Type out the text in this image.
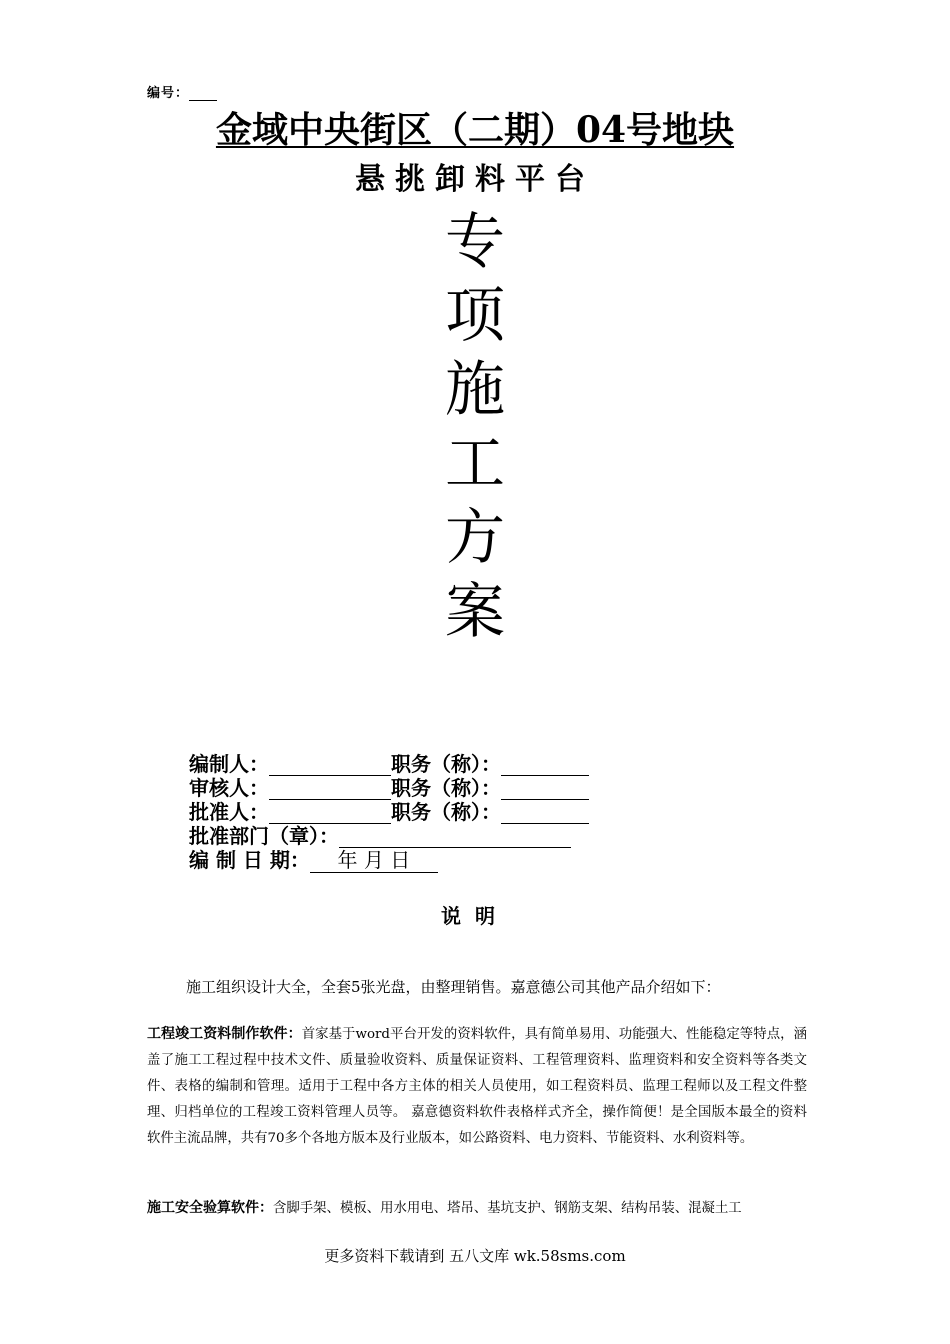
编号：
金域中央街区（二期）04号地块
悬挑卸料平台
专
项
施
工
方
案
编制人：	职务（称）：
审核人：	职务（称）：
批准人：	职务（称）：
批准部门（章）：
编 制 日 期： 年 月 日
说明
施工组织设计大全，全套5张光盘，由整理销售。嘉意德公司其他产品介绍如下：
工程竣工资料制作软件：首家基于word平台开发的资料软件，具有简单易用、功能强大、性能稳定等特点，涵盖了施工工程过程中技术文件、质量验收资料、质量保证资料、工程管理资料、监理资料和安全资料等各类文件、表格的编制和管理。适用于工程中各方主体的相关人员使用，如工程资料员、监理工程师以及工程文件整理、归档单位的工程竣工资料管理人员等。 嘉意德资料软件表格样式齐全，操作简便！是全国版本最全的资料软件主流品牌，共有70多个各地方版本及行业版本，如公路资料、电力资料、节能资料、水利资料等。
施工安全验算软件：含脚手架、模板、用水用电、塔吊、基坑支护、钢筋支架、结构吊装、混凝土工
更多资料下载请到 五八文库 wk.58sms.com
